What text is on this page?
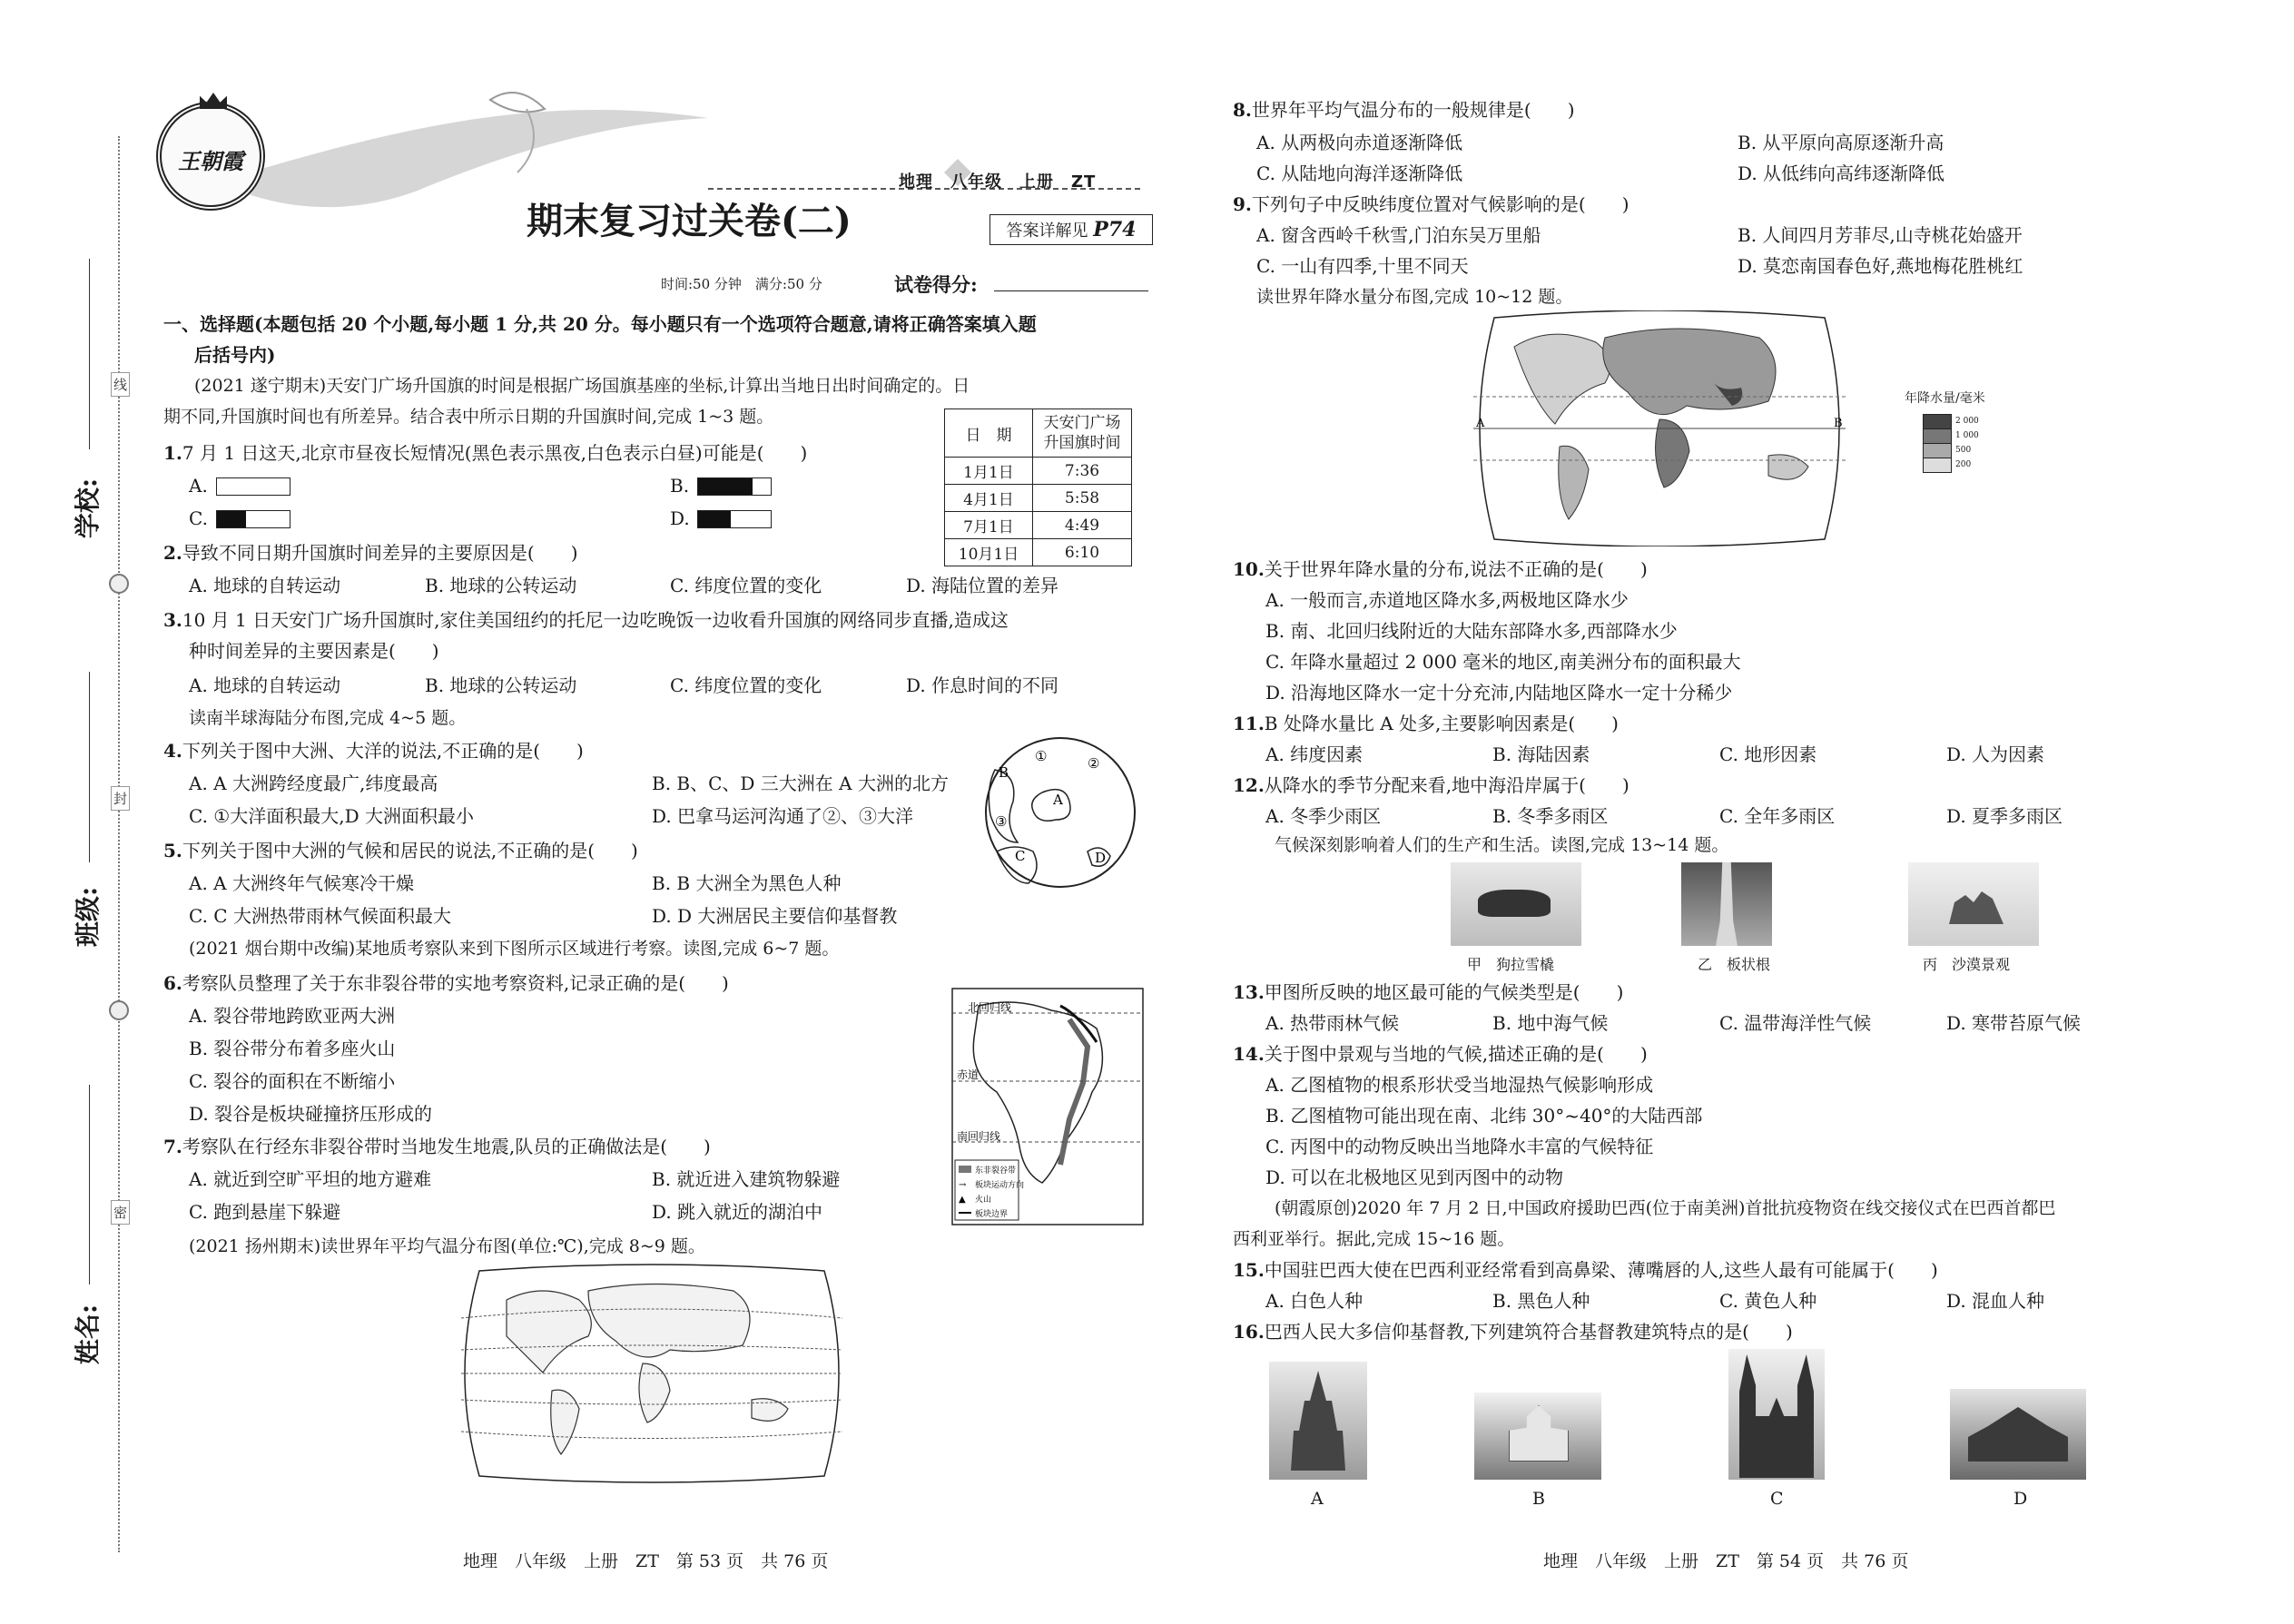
学校:
班级:
姓名:
线
封
密
王朝霞
地理　八年级　上册　ZT
期末复习过关卷(二)	答案详解见 P74
时间:50 分钟　满分:50 分	试卷得分:
一、选择题(本题包括 20 个小题,每小题 1 分,共 20 分。每小题只有一个选项符合题意,请将正确答案填入题
后括号内)
(2021 遂宁期末)天安门广场升国旗的时间是根据广场国旗基座的坐标,计算出当地日出时间确定的。日
期不同,升国旗时间也有所差异。结合表中所示日期的升国旗时间,完成 1~3 题。
日　期	天安门广场升国旗时间
1月1日	7:36
4月1日	5:58
7月1日	4:49
10月1日	6:10
1.7 月 1 日这天,北京市昼夜长短情况(黑色表示黑夜,白色表示白昼)可能是(　　)
A.	B.
C.	D.
2.导致不同日期升国旗时间差异的主要原因是(　　)
A. 地球的自转运动	B. 地球的公转运动	C. 纬度位置的变化	D. 海陆位置的差异
3.10 月 1 日天安门广场升国旗时,家住美国纽约的托尼一边吃晚饭一边收看升国旗的网络同步直播,造成这
种时间差异的主要因素是(　　)
A. 地球的自转运动	B. 地球的公转运动	C. 纬度位置的变化	D. 作息时间的不同
读南半球海陆分布图,完成 4~5 题。
B
①	②
③
A
C	D
4.下列关于图中大洲、大洋的说法,不正确的是(　　)
A. A 大洲跨经度最广,纬度最高	B. B、C、D 三大洲在 A 大洲的北方
C. ①大洋面积最大,D 大洲面积最小	D. 巴拿马运河沟通了②、③大洋
5.下列关于图中大洲的气候和居民的说法,不正确的是(　　)
A. A 大洲终年气候寒冷干燥	B. B 大洲全为黑色人种
C. C 大洲热带雨林气候面积最大	D. D 大洲居民主要信仰基督教
(2021 烟台期中改编)某地质考察队来到下图所示区域进行考察。读图,完成 6~7 题。
北回归线
赤道
南回归线
东非裂谷带
→ 板块运动方向
▲ 火山
板块边界
6.考察队员整理了关于东非裂谷带的实地考察资料,记录正确的是(　　)
A. 裂谷带地跨欧亚两大洲
B. 裂谷带分布着多座火山
C. 裂谷的面积在不断缩小
D. 裂谷是板块碰撞挤压形成的
7.考察队在行经东非裂谷带时当地发生地震,队员的正确做法是(　　)
A. 就近到空旷平坦的地方避难	B. 就近进入建筑物躲避
C. 跑到悬崖下躲避	D. 跳入就近的湖泊中
(2021 扬州期末)读世界年平均气温分布图(单位:℃),完成 8~9 题。
地理　八年级　上册　ZT　第 53 页　共 76 页
8.世界年平均气温分布的一般规律是(　　)
A. 从两极向赤道逐渐降低	B. 从平原向高原逐渐升高
C. 从陆地向海洋逐渐降低	D. 从低纬向高纬逐渐降低
9.下列句子中反映纬度位置对气候影响的是(　　)
A. 窗含西岭千秋雪,门泊东吴万里船	B. 人间四月芳菲尽,山寺桃花始盛开
C. 一山有四季,十里不同天	D. 莫恋南国春色好,燕地梅花胜桃红
读世界年降水量分布图,完成 10~12 题。
A	B
年降水量/毫米
2 000
1 000
500
200
10.关于世界年降水量的分布,说法不正确的是(　　)
A. 一般而言,赤道地区降水多,两极地区降水少
B. 南、北回归线附近的大陆东部降水多,西部降水少
C. 年降水量超过 2 000 毫米的地区,南美洲分布的面积最大
D. 沿海地区降水一定十分充沛,内陆地区降水一定十分稀少
11.B 处降水量比 A 处多,主要影响因素是(　　)
A. 纬度因素	B. 海陆因素	C. 地形因素	D. 人为因素
12.从降水的季节分配来看,地中海沿岸属于(　　)
A. 冬季少雨区	B. 冬季多雨区	C. 全年多雨区	D. 夏季多雨区
气候深刻影响着人们的生产和生活。读图,完成 13~14 题。
甲　狗拉雪橇	乙　板状根	丙　沙漠景观
13.甲图所反映的地区最可能的气候类型是(　　)
A. 热带雨林气候	B. 地中海气候	C. 温带海洋性气候	D. 寒带苔原气候
14.关于图中景观与当地的气候,描述正确的是(　　)
A. 乙图植物的根系形状受当地湿热气候影响形成
B. 乙图植物可能出现在南、北纬 30°~40°的大陆西部
C. 丙图中的动物反映出当地降水丰富的气候特征
D. 可以在北极地区见到丙图中的动物
(朝霞原创)2020 年 7 月 2 日,中国政府援助巴西(位于南美洲)首批抗疫物资在线交接仪式在巴西首都巴
西利亚举行。据此,完成 15~16 题。
15.中国驻巴西大使在巴西利亚经常看到高鼻梁、薄嘴唇的人,这些人最有可能属于(　　)
A. 白色人种	B. 黑色人种	C. 黄色人种	D. 混血人种
16.巴西人民大多信仰基督教,下列建筑符合基督教建筑特点的是(　　)
A	B	C	D
地理　八年级　上册　ZT　第 54 页　共 76 页
